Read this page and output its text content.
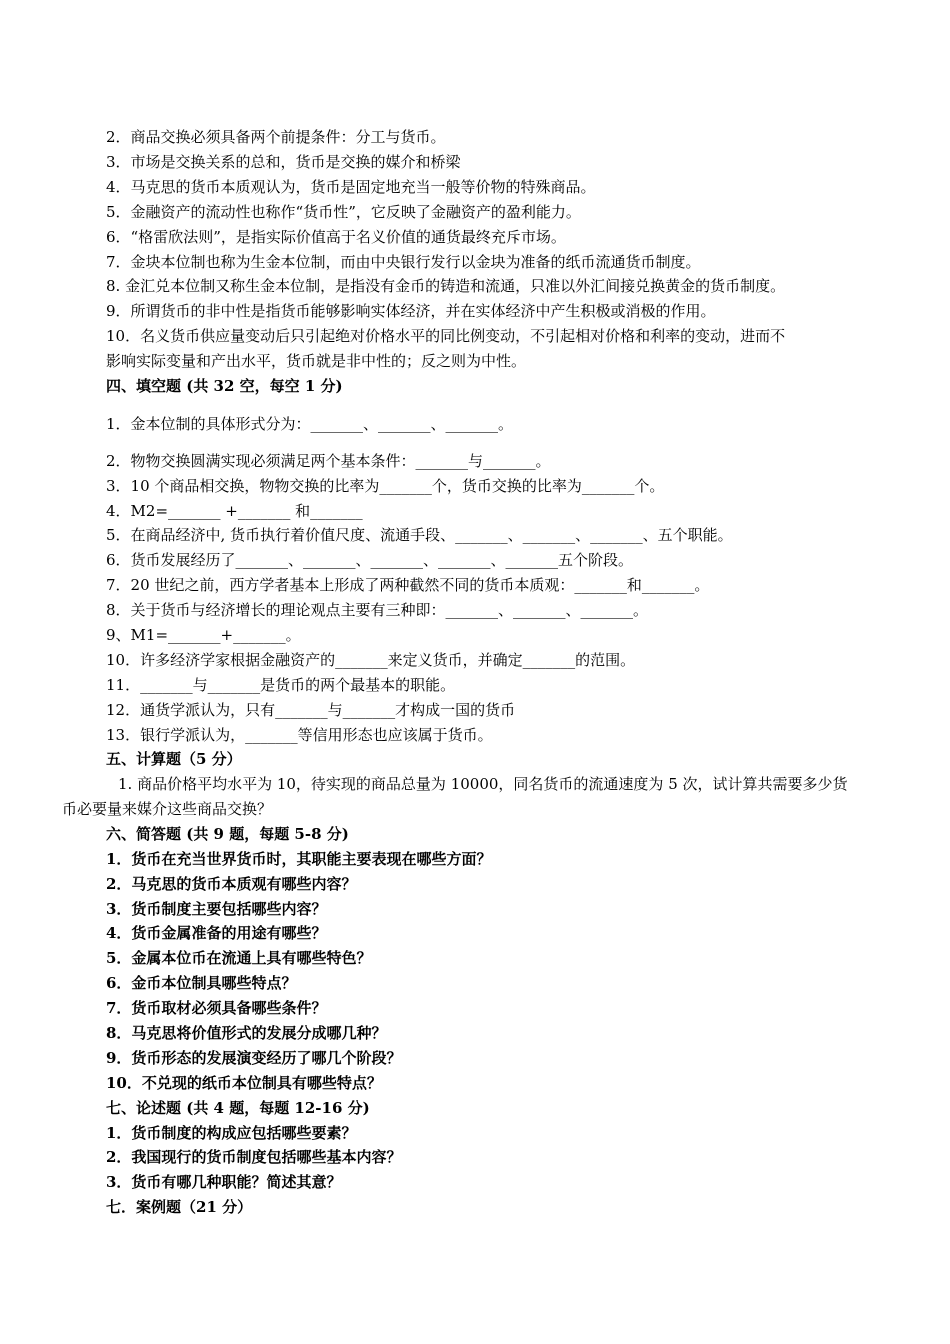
2．商品交换必须具备两个前提条件：分工与货币。
3．市场是交换关系的总和，货币是交换的媒介和桥梁
4．马克思的货币本质观认为，货币是固定地充当一般等价物的特殊商品。
5．金融资产的流动性也称作“货币性”，它反映了金融资产的盈利能力。
6．“格雷欣法则”，是指实际价值高于名义价值的通货最终充斥市场。
7．金块本位制也称为生金本位制，而由中央银行发行以金块为准备的纸币流通货币制度。
8. 金汇兑本位制又称生金本位制，是指没有金币的铸造和流通，只准以外汇间接兑换黄金的货币制度。
9．所谓货币的非中性是指货币能够影响实体经济，并在实体经济中产生积极或消极的作用。
10．名义货币供应量变动后只引起绝对价格水平的同比例变动，不引起相对价格和利率的变动，进而不
影响实际变量和产出水平，货币就是非中性的；反之则为中性。
四、填空题 (共 32 空，每空 1 分)
1．金本位制的具体形式分为：_______、_______、_______。
2．物物交换圆满实现必须满足两个基本条件：_______与_______。
3．10 个商品相交换，物物交换的比率为_______个，货币交换的比率为_______个。
4．M2=_______ +_______ 和_______
5．在商品经济中, 货币执行着价值尺度、流通手段、_______、_______、_______、五个职能。
6．货币发展经历了_______、_______、_______、_______、_______五个阶段。
7．20 世纪之前，西方学者基本上形成了两种截然不同的货币本质观：_______和_______。
8．关于货币与经济增长的理论观点主要有三种即：_______、_______、_______。
9、M1=_______+_______。
10．许多经济学家根据金融资产的_______来定义货币，并确定_______的范围。
11．_______与_______是货币的两个最基本的职能。
12．通货学派认为，只有_______与_______才构成一国的货币
13．银行学派认为，_______等信用形态也应该属于货币。
五、计算题（5 分）
1. 商品价格平均水平为 10，待实现的商品总量为 10000，同名货币的流通速度为 5 次，试计算共需要多少货
币必要量来媒介这些商品交换？
六、简答题 (共 9 题，每题 5-8 分)
1．货币在充当世界货币时，其职能主要表现在哪些方面？
2．马克思的货币本质观有哪些内容？
3．货币制度主要包括哪些内容？
4．货币金属准备的用途有哪些？
5．金属本位币在流通上具有哪些特色？
6．金币本位制具哪些特点？
7．货币取材必须具备哪些条件？
8．马克思将价值形式的发展分成哪几种？
9．货币形态的发展演变经历了哪几个阶段？
10．不兑现的纸币本位制具有哪些特点？
七、论述题 (共 4 题，每题 12-16 分)
1．货币制度的构成应包括哪些要素？
2．我国现行的货币制度包括哪些基本内容？
3．货币有哪几种职能？简述其意？
七．案例题（21 分）
